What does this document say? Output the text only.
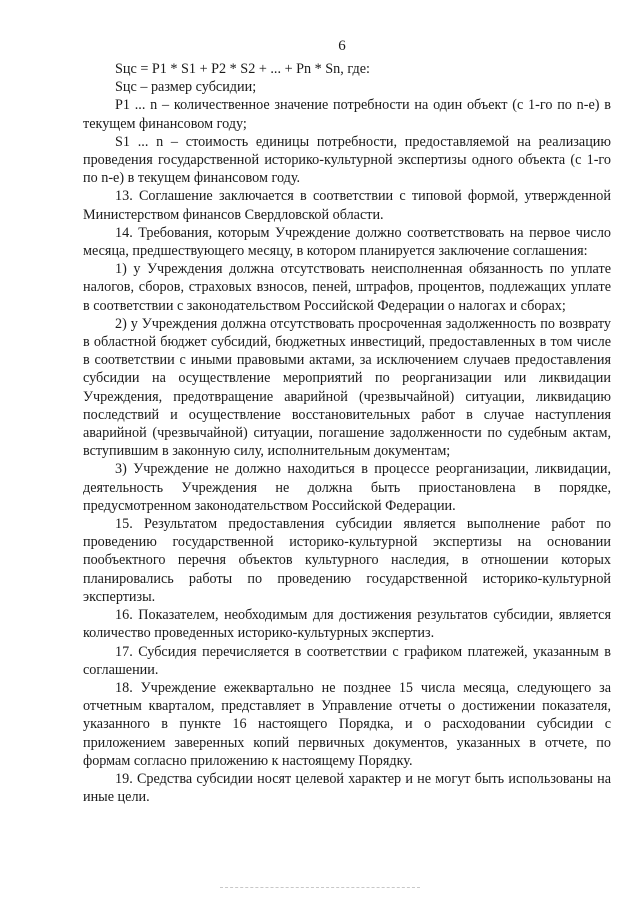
6

Sцс = P1 * S1 + P2 * S2 + ... + Pn * Sn, где:

Sцс – размер субсидии;

P1 ... n – количественное значение потребности на один объект (с 1-го по n-е) в текущем финансовом году;

S1 ... n – стоимость единицы потребности, предоставляемой на реализацию проведения государственной историко-культурной экспертизы одного объекта (с 1-го по n-е) в текущем финансовом году.

13. Соглашение заключается в соответствии с типовой формой, утвержденной Министерством финансов Свердловской области.

14. Требования, которым Учреждение должно соответствовать на первое число месяца, предшествующего месяцу, в котором планируется заключение соглашения:

1) у Учреждения должна отсутствовать неисполненная обязанность по уплате налогов, сборов, страховых взносов, пеней, штрафов, процентов, подлежащих уплате в соответствии с законодательством Российской Федерации о налогах и сборах;

2) у Учреждения должна отсутствовать просроченная задолженность по возврату в областной бюджет субсидий, бюджетных инвестиций, предоставленных в том числе в соответствии с иными правовыми актами, за исключением случаев предоставления субсидии на осуществление мероприятий по реорганизации или ликвидации Учреждения, предотвращение аварийной (чрезвычайной) ситуации, ликвидацию последствий и осуществление восстановительных работ в случае наступления аварийной (чрезвычайной) ситуации, погашение задолженности по судебным актам, вступившим в законную силу, исполнительным документам;

3) Учреждение не должно находиться в процессе реорганизации, ликвидации, деятельность Учреждения не должна быть приостановлена в порядке, предусмотренном законодательством Российской Федерации.

15. Результатом предоставления субсидии является выполнение работ по проведению государственной историко-культурной экспертизы на основании пообъектного перечня объектов культурного наследия, в отношении которых планировались работы по проведению государственной историко-культурной экспертизы.

16. Показателем, необходимым для достижения результатов субсидии, является количество проведенных историко-культурных экспертиз.

17. Субсидия перечисляется в соответствии с графиком платежей, указанным в соглашении.

18. Учреждение ежеквартально не позднее 15 числа месяца, следующего за отчетным кварталом, представляет в Управление отчеты о достижении показателя, указанного в пункте 16 настоящего Порядка, и о расходовании субсидии с приложением заверенных копий первичных документов, указанных в отчете, по формам согласно приложению к настоящему Порядку.

19. Средства субсидии носят целевой характер и не могут быть использованы на иные цели.
